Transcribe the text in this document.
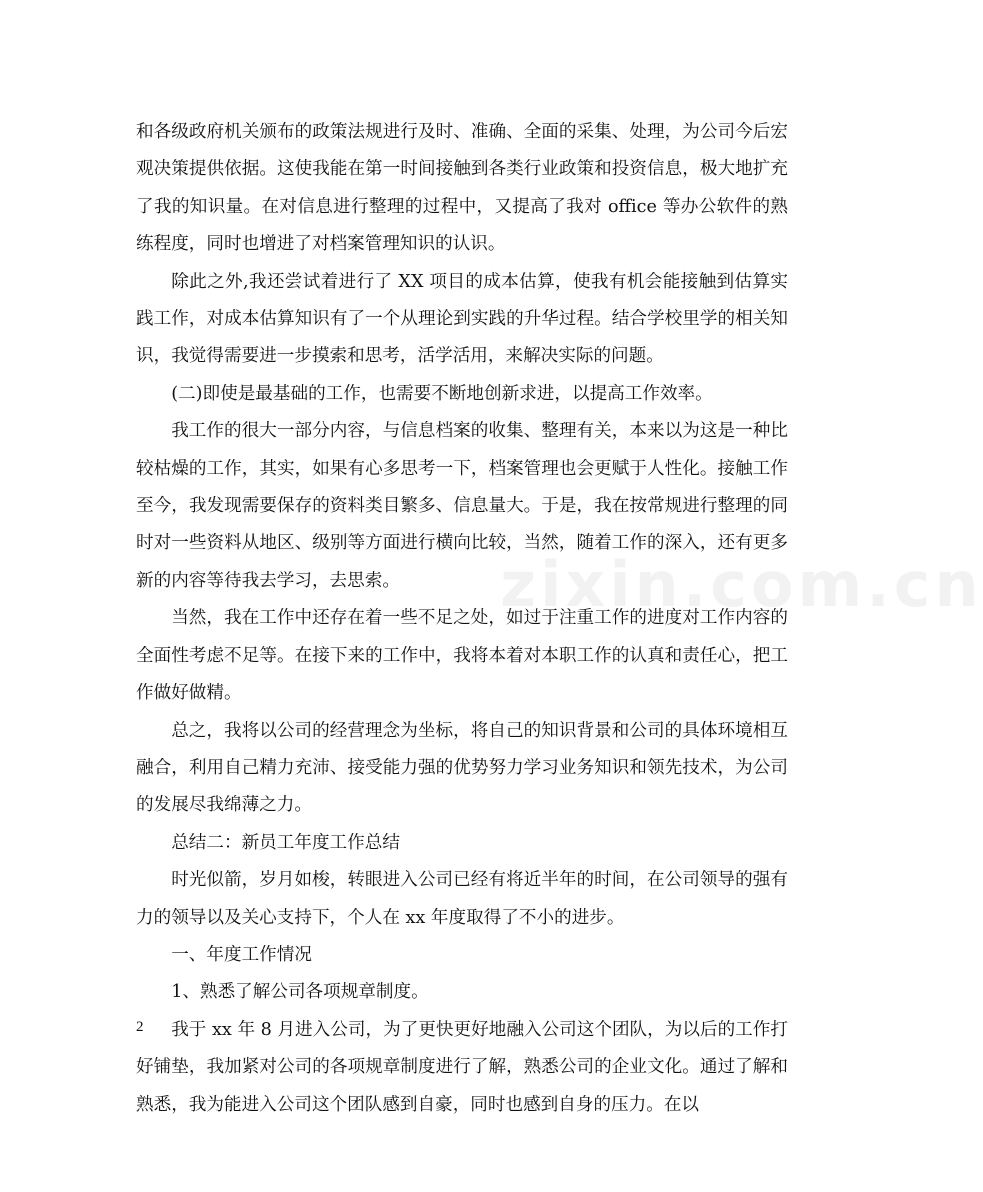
和各级政府机关颁布的政策法规进行及时、准确、全面的采集、处理，为公司今后宏观决策提供依据。这使我能在第一时间接触到各类行业政策和投资信息，极大地扩充了我的知识量。在对信息进行整理的过程中，又提高了我对 office 等办公软件的熟练程度，同时也增进了对档案管理知识的认识。

除此之外,我还尝试着进行了 XX 项目的成本估算，使我有机会能接触到估算实践工作，对成本估算知识有了一个从理论到实践的升华过程。结合学校里学的相关知识，我觉得需要进一步摸索和思考，活学活用，来解决实际的问题。

(二)即使是最基础的工作，也需要不断地创新求进，以提高工作效率。

我工作的很大一部分内容，与信息档案的收集、整理有关，本来以为这是一种比较枯燥的工作，其实，如果有心多思考一下，档案管理也会更赋于人性化。接触工作至今，我发现需要保存的资料类目繁多、信息量大。于是，我在按常规进行整理的同时对一些资料从地区、级别等方面进行横向比较，当然，随着工作的深入，还有更多新的内容等待我去学习，去思索。

当然，我在工作中还存在着一些不足之处，如过于注重工作的进度对工作内容的全面性考虑不足等。在接下来的工作中，我将本着对本职工作的认真和责任心，把工作做好做精。

总之，我将以公司的经营理念为坐标，将自己的知识背景和公司的具体环境相互融合，利用自己精力充沛、接受能力强的优势努力学习业务知识和领先技术，为公司的发展尽我绵薄之力。

总结二：新员工年度工作总结

时光似箭，岁月如梭，转眼进入公司已经有将近半年的时间，在公司领导的强有力的领导以及关心支持下，个人在 xx 年度取得了不小的进步。

一、年度工作情况

1、熟悉了解公司各项规章制度。

我于 xx 年 8 月进入公司，为了更快更好地融入公司这个团队，为以后的工作打好铺垫，我加紧对公司的各项规章制度进行了解，熟悉公司的企业文化。通过了解和熟悉，我为能进入公司这个团队感到自豪，同时也感到自身的压力。在以

zixin.com.cn
2
